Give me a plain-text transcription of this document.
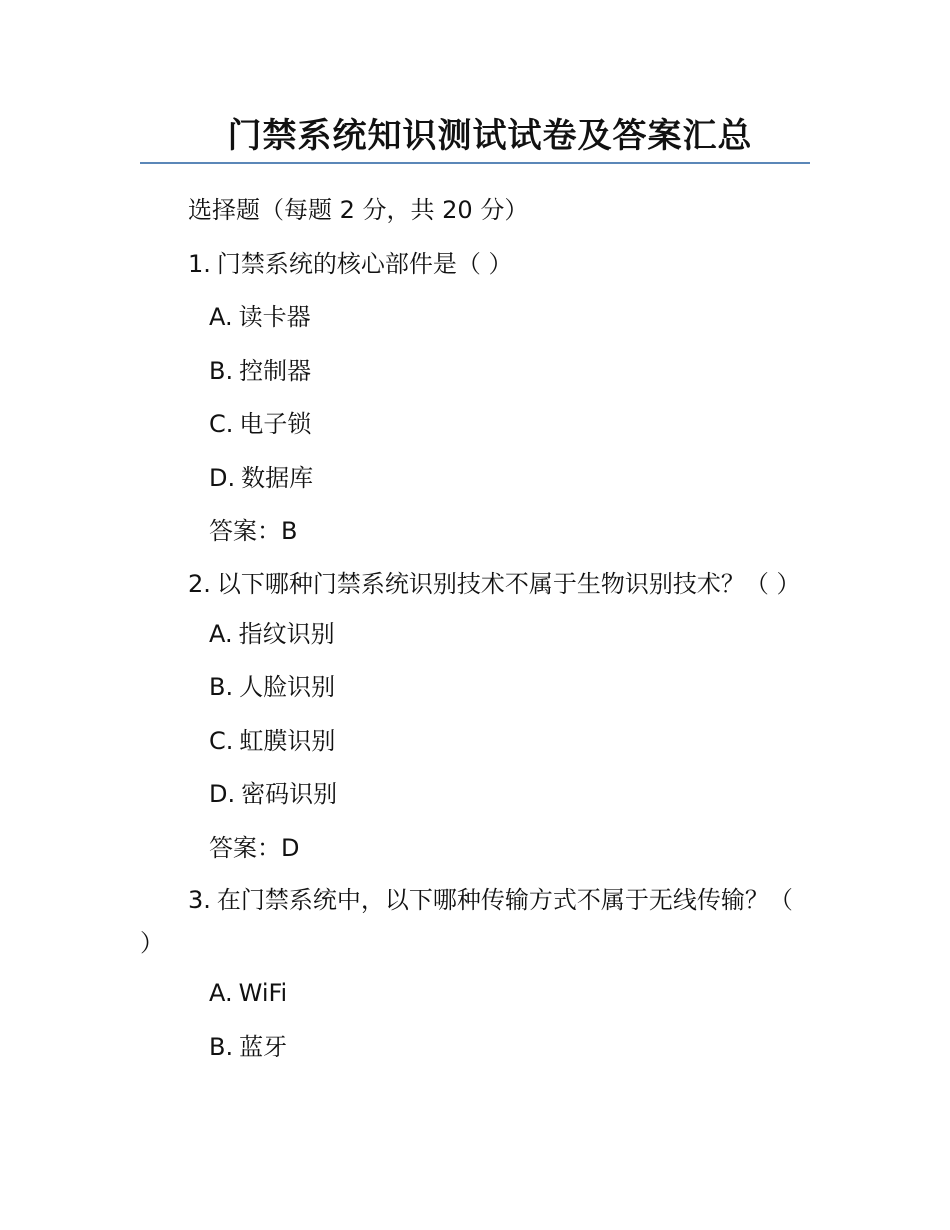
门禁系统知识测试试卷及答案汇总
选择题（每题 2 分，共 20 分）
1. 门禁系统的核心部件是（ ）
A. 读卡器
B. 控制器
C. 电子锁
D. 数据库
答案：B
2. 以下哪种门禁系统识别技术不属于生物识别技术？（ ）
A. 指纹识别
B. 人脸识别
C. 虹膜识别
D. 密码识别
答案：D
3. 在门禁系统中，以下哪种传输方式不属于无线传输？（ ）
A. WiFi
B. 蓝牙
